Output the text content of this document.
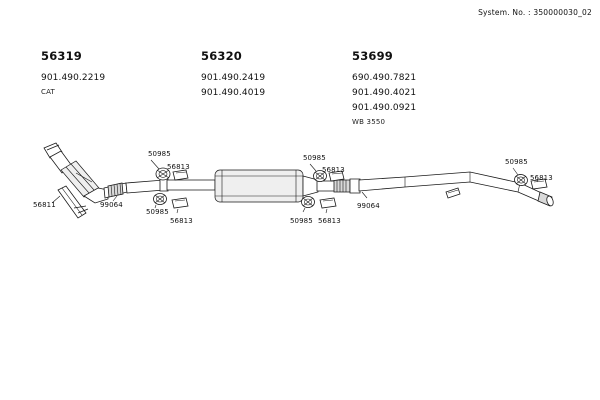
System. No. : 350000030_02
56319
901.490.2219
CAT
56320
901.490.2419
901.490.4019
53699
690.490.7821
901.490.4021
901.490.0921
WB 3550
50985
56813
56811	99064
50985
56813
50985
56813
50985 56813
99064
50985
56813
